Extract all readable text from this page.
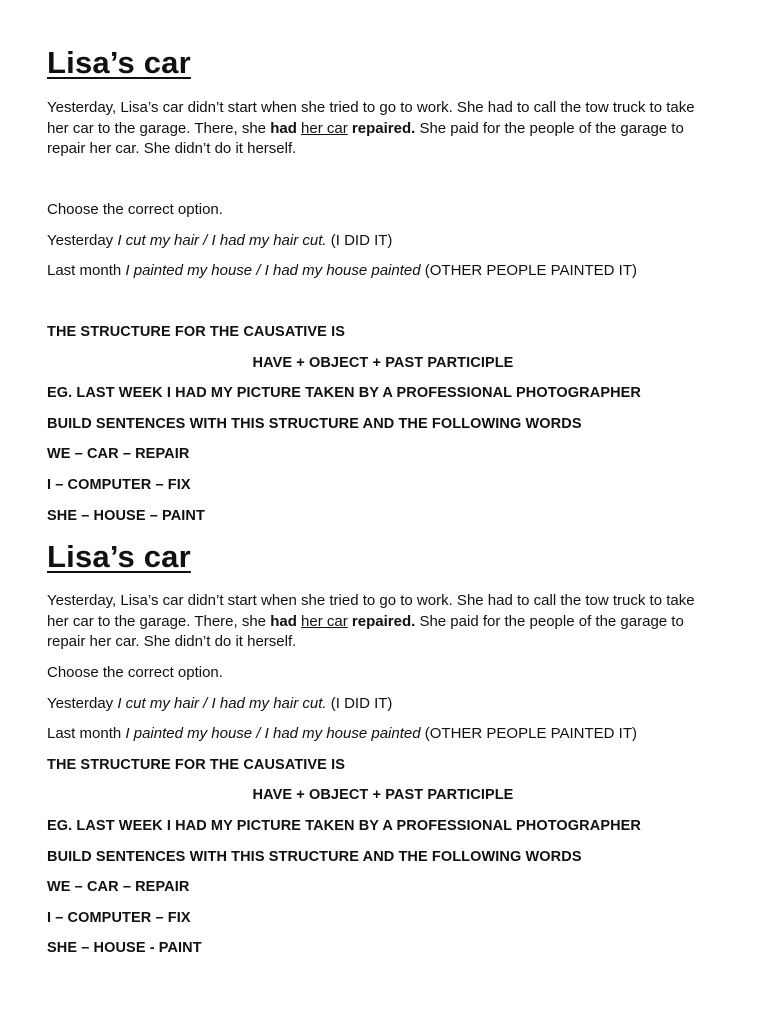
Lisa’s car

Yesterday, Lisa’s car didn’t start when she tried to go to work. She had to call the tow truck to take her car to the garage. There, she had her car repaired. She paid for the people of the garage to repair her car. She didn’t do it herself.

Choose the correct option.

Yesterday I cut my hair / I had my hair cut. (I DID IT)

Last month I painted my house / I had my house painted (OTHER PEOPLE PAINTED IT)

THE STRUCTURE FOR THE CAUSATIVE IS

HAVE + OBJECT + PAST PARTICIPLE

EG. LAST WEEK I HAD MY PICTURE TAKEN BY A PROFESSIONAL PHOTOGRAPHER

BUILD SENTENCES WITH THIS STRUCTURE AND THE FOLLOWING WORDS

WE – CAR – REPAIR

I – COMPUTER – FIX

SHE – HOUSE – PAINT

Lisa’s car

Yesterday, Lisa’s car didn’t start when she tried to go to work. She had to call the tow truck to take her car to the garage. There, she had her car repaired. She paid for the people of the garage to repair her car. She didn’t do it herself.

Choose the correct option.

Yesterday I cut my hair / I had my hair cut. (I DID IT)

Last month I painted my house / I had my house painted (OTHER PEOPLE PAINTED IT)

THE STRUCTURE FOR THE CAUSATIVE IS

HAVE + OBJECT + PAST PARTICIPLE

EG. LAST WEEK I HAD MY PICTURE TAKEN BY A PROFESSIONAL PHOTOGRAPHER

BUILD SENTENCES WITH THIS STRUCTURE AND THE FOLLOWING WORDS

WE – CAR – REPAIR

I – COMPUTER – FIX

SHE – HOUSE - PAINT
